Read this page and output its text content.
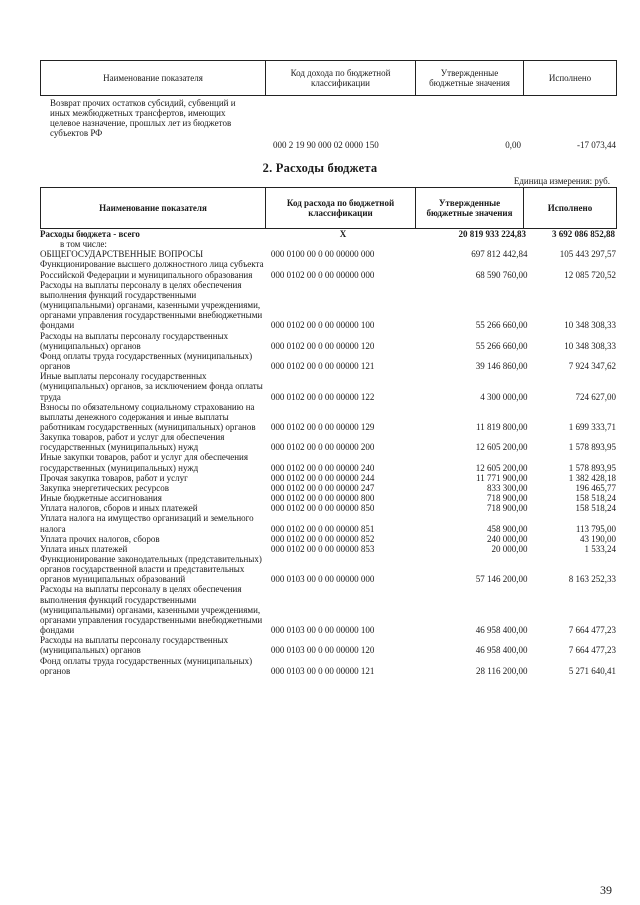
Наименование показателя	Код дохода по бюджетной классификации	Утвержденные бюджетные значения	Исполнено
Возврат прочих остатков субсидий, субвенций и иных межбюджетных трансфертов, имеющих целевое назначение, прошлых лет из бюджетов субъектов РФ
000 2 19 90 000 02 0000 150	0,00	-17 073,44
2. Расходы бюджета
Единица измерения: руб.
Наименование показателя	Код расхода по бюджетной классификации	Утвержденные бюджетные значения	Исполнено
Расходы бюджета - всего	X	20 819 933 224,83	3 692 086 852,88
в том числе:
ОБЩЕГОСУДАРСТВЕННЫЕ ВОПРОСЫ	000 0100 00 0 00 00000 000	697 812 442,84	105 443 297,57
Функционирование высшего должностного лица субъекта Российской Федерации и муниципального образования	000 0102 00 0 00 00000 000	68 590 760,00	12 085 720,52
Расходы на выплаты персоналу в целях обеспечения выполнения функций государственными (муниципальными) органами, казенными учреждениями, органами управления государственными внебюджетными фондами	000 0102 00 0 00 00000 100	55 266 660,00	10 348 308,33
Расходы на выплаты персоналу государственных (муниципальных) органов	000 0102 00 0 00 00000 120	55 266 660,00	10 348 308,33
Фонд оплаты труда государственных (муниципальных) органов	000 0102 00 0 00 00000 121	39 146 860,00	7 924 347,62
Иные выплаты персоналу государственных (муниципальных) органов, за исключением фонда оплаты труда	000 0102 00 0 00 00000 122	4 300 000,00	724 627,00
Взносы по обязательному социальному страхованию на выплаты денежного содержания и иные выплаты работникам государственных (муниципальных) органов	000 0102 00 0 00 00000 129	11 819 800,00	1 699 333,71
Закупка товаров, работ и услуг для обеспечения государственных (муниципальных) нужд	000 0102 00 0 00 00000 200	12 605 200,00	1 578 893,95
Иные закупки товаров, работ и услуг для обеспечения государственных (муниципальных) нужд	000 0102 00 0 00 00000 240	12 605 200,00	1 578 893,95
Прочая закупка товаров, работ и услуг	000 0102 00 0 00 00000 244	11 771 900,00	1 382 428,18
Закупка энергетических ресурсов	000 0102 00 0 00 00000 247	833 300,00	196 465,77
Иные бюджетные ассигнования	000 0102 00 0 00 00000 800	718 900,00	158 518,24
Уплата налогов, сборов и иных платежей	000 0102 00 0 00 00000 850	718 900,00	158 518,24
Уплата налога на имущество организаций и земельного налога	000 0102 00 0 00 00000 851	458 900,00	113 795,00
Уплата прочих налогов, сборов	000 0102 00 0 00 00000 852	240 000,00	43 190,00
Уплата иных платежей	000 0102 00 0 00 00000 853	20 000,00	1 533,24
Функционирование законодательных (представительных) органов государственной власти и представительных органов муниципальных образований	000 0103 00 0 00 00000 000	57 146 200,00	8 163 252,33
Расходы на выплаты персоналу в целях обеспечения выполнения функций государственными (муниципальными) органами, казенными учреждениями, органами управления государственными внебюджетными фондами	000 0103 00 0 00 00000 100	46 958 400,00	7 664 477,23
Расходы на выплаты персоналу государственных (муниципальных) органов	000 0103 00 0 00 00000 120	46 958 400,00	7 664 477,23
Фонд оплаты труда государственных (муниципальных) органов	000 0103 00 0 00 00000 121	28 116 200,00	5 271 640,41
39
